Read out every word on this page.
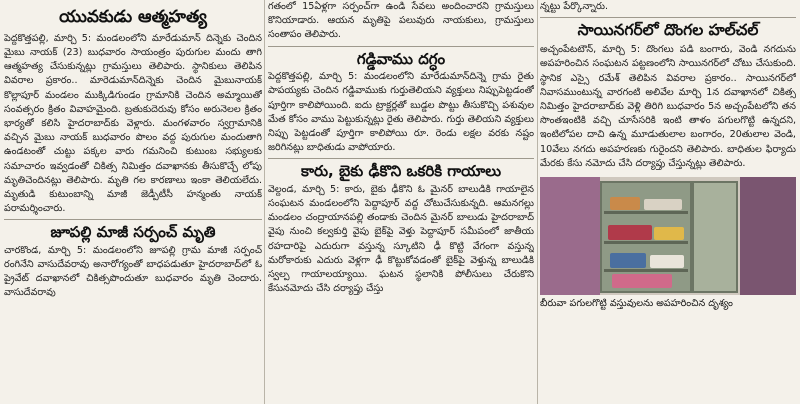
యువకుడు ఆత్మహత్య

పెద్దకొత్తపల్లి, మార్చి 5: మండలంలోని మారేడుమాన్ దిన్నెకు చెందిన మైబు నాయక్ (23) బుధవారం సాయంత్రం పురుగుల మందు తాగి ఆత్మహత్య చేసుకున్నట్లు గ్రామస్తులు తెలిపారు. స్థానికులు తెలిపిన వివరాల ప్రకారం.. మారెడుమాన్‌దిన్నెకు చెందిన మైబునాయక్ కొల్లాపూర్ మండలం ముక్కిడిగుండం గ్రామానికి చెందిన అమ్మాయితో సంవత్సరం క్రితం వివాహమైంది. బ్రతుకుదెరువు కోసం అరునెలల క్రితం భార్యతో కలిసి హైదరాబాద్‌కు వెళ్లారు. మంగళవారం స్వగ్రామానికి వచ్చిన మైబు నాయక్ బుధవారం పొలం వద్ద పురుగుల మందుతాగి ఉండటంతో చుట్టు పక్కల వారు గమనించి కుటుంబ సభ్యులకు సమాచారం ఇవ్వడంతో చికిత్స నిమిత్తం దవాఖానకు తీసుకొచ్చే లోపు మృతిచెందినట్లు తెలిపారు. మృతి గల కారణాలు ఇంకా తెలియలేదు. మృతుడి కుటుంబాన్ని మాజీ జెడ్పీటీసీ హన్మంతు నాయక్ పరామర్శించారు.

జూపల్లి మాజీ సర్పంచ్ మృతి

చారకొండ, మార్చి 5: మండలంలోని జూపల్లి గ్రామ మాజీ సర్పంచ్ రంగినేని వాసుదేవరావు అనారోగ్యంతో బాధపడుతూ హైదరాబాద్‌లో ఓ ప్రైవేట్ దవాఖానలో చికిత్సపొందుతూ బుధవారం మృతి చెందారు. వాసుదేవరావు

గతంలో 15ఏళ్లగా సర్పంచ్‌గా ఉండి సేవలు అందించారని గ్రామస్తులు కొనియాడారు. ఆయన మృతిపై పలువురు నాయకులు, గ్రామస్తులు సంతాపం తెలిపారు.

గడ్డివాము దగ్ధం

పెద్దకొత్తపల్లి, మార్చి 5: మండలంలోని మారేడుమాన్‌దిన్నె గ్రామ రైతు పాపయ్యకు చెందిన గడ్డివాముకు గుర్తుతెలియని వ్యక్తులు నిప్పుపెట్టడంతో పూర్తిగా కాలిపోయింది. ఐదు ట్రాక్టర్లతో బుడ్డల పొట్టు తీసుకొచ్చి పశువుల మేత కోసం వాము పెట్టుకున్నట్లు రైతు తెలిపారు. గుర్తు తెలియని వ్యక్తులు నిప్పు పెట్టడంతో పూర్తిగా కాలిపోయి రూ. రెండు లక్షల వరకు నష్టం జరిగినట్లు బాధితుడు వాపోయారు.

కారు, బైకు ఢీకొని ఒకరికి గాయాలు

వెల్దండ, మార్చి 5: కారు, బైకు ఢీకొని ఓ మైనర్ బాలుడికి గాయాలైన సంఘటన మండలంలోని పెద్దాపూర్ వద్ద చోటుచేసుకున్నది. ఆమనగల్లు మండలం చంద్రాయానపల్లి తండాకు చెందిన మైనర్ బాలుడు హైదరాబాద్ వైపు నుంచి కల్వకుర్తి వైపు బైక్‌పై వెళ్తు పెద్దాపూర్ సమీపంలో జాతీయ రహదారిపై ఎదురుగా వస్తున్న స్కూటిని ఢీ కొట్టి వేగంగా వస్తున్న మరోకారుకు ఎదురు వెళ్లగా ఢీ కొట్టుకోవడంతో బైక్‌పై వెళ్తున్న బాలుడికి స్వల్ప గాయాలయ్యాయి. ఘటన స్థలానికి పోలీసులు చేరుకొని కేసునమోదు చేసి దర్యాప్తు చేస్తు

న్నట్టు పేర్కొన్నారు.

సాయినగర్‌లో దొంగల హల్‌చల్

అచ్చంపేటటౌన్, మార్చి 5: దొంగలు పడి బంగారు, వెండి నగదును అపహరించిన సంఘటన పట్టణంలోని సాయినగర్‌లో చోటు చేసుకుంది. స్థానిక ఎస్సై రమేశ్ తెలిపిన వివరాల ప్రకారం.. సాయినగర్‌లో నివాసముంటున్న వారగంటి అలివేల మార్చి 1న దవాఖానలో చికిత్స నిమిత్తం హైదరాబాద్‌కు వెళ్లి తిరిగి బుధవారం 5న అచ్చంపేటలోని తన సొంతఇంటికి వచ్చి చూసేసరికి ఇంటి తాళం పగులగొట్టి ఉన్నదని, ఇంటిలోపల దాచి ఉన్న మూడుతులాల బంగారం, 20తులాల వెండి, 10వేలు నగదు అపహరణకు గురైందని తెలిపారు. బాధితుల ఫిర్యాదు మేరకు కేసు నమోదు చేసి దర్యాప్తు చేస్తున్నట్లు తెలిపారు.

బీరువా పగులగొట్టి వస్తువులను అపహరించిన దృశ్యం
